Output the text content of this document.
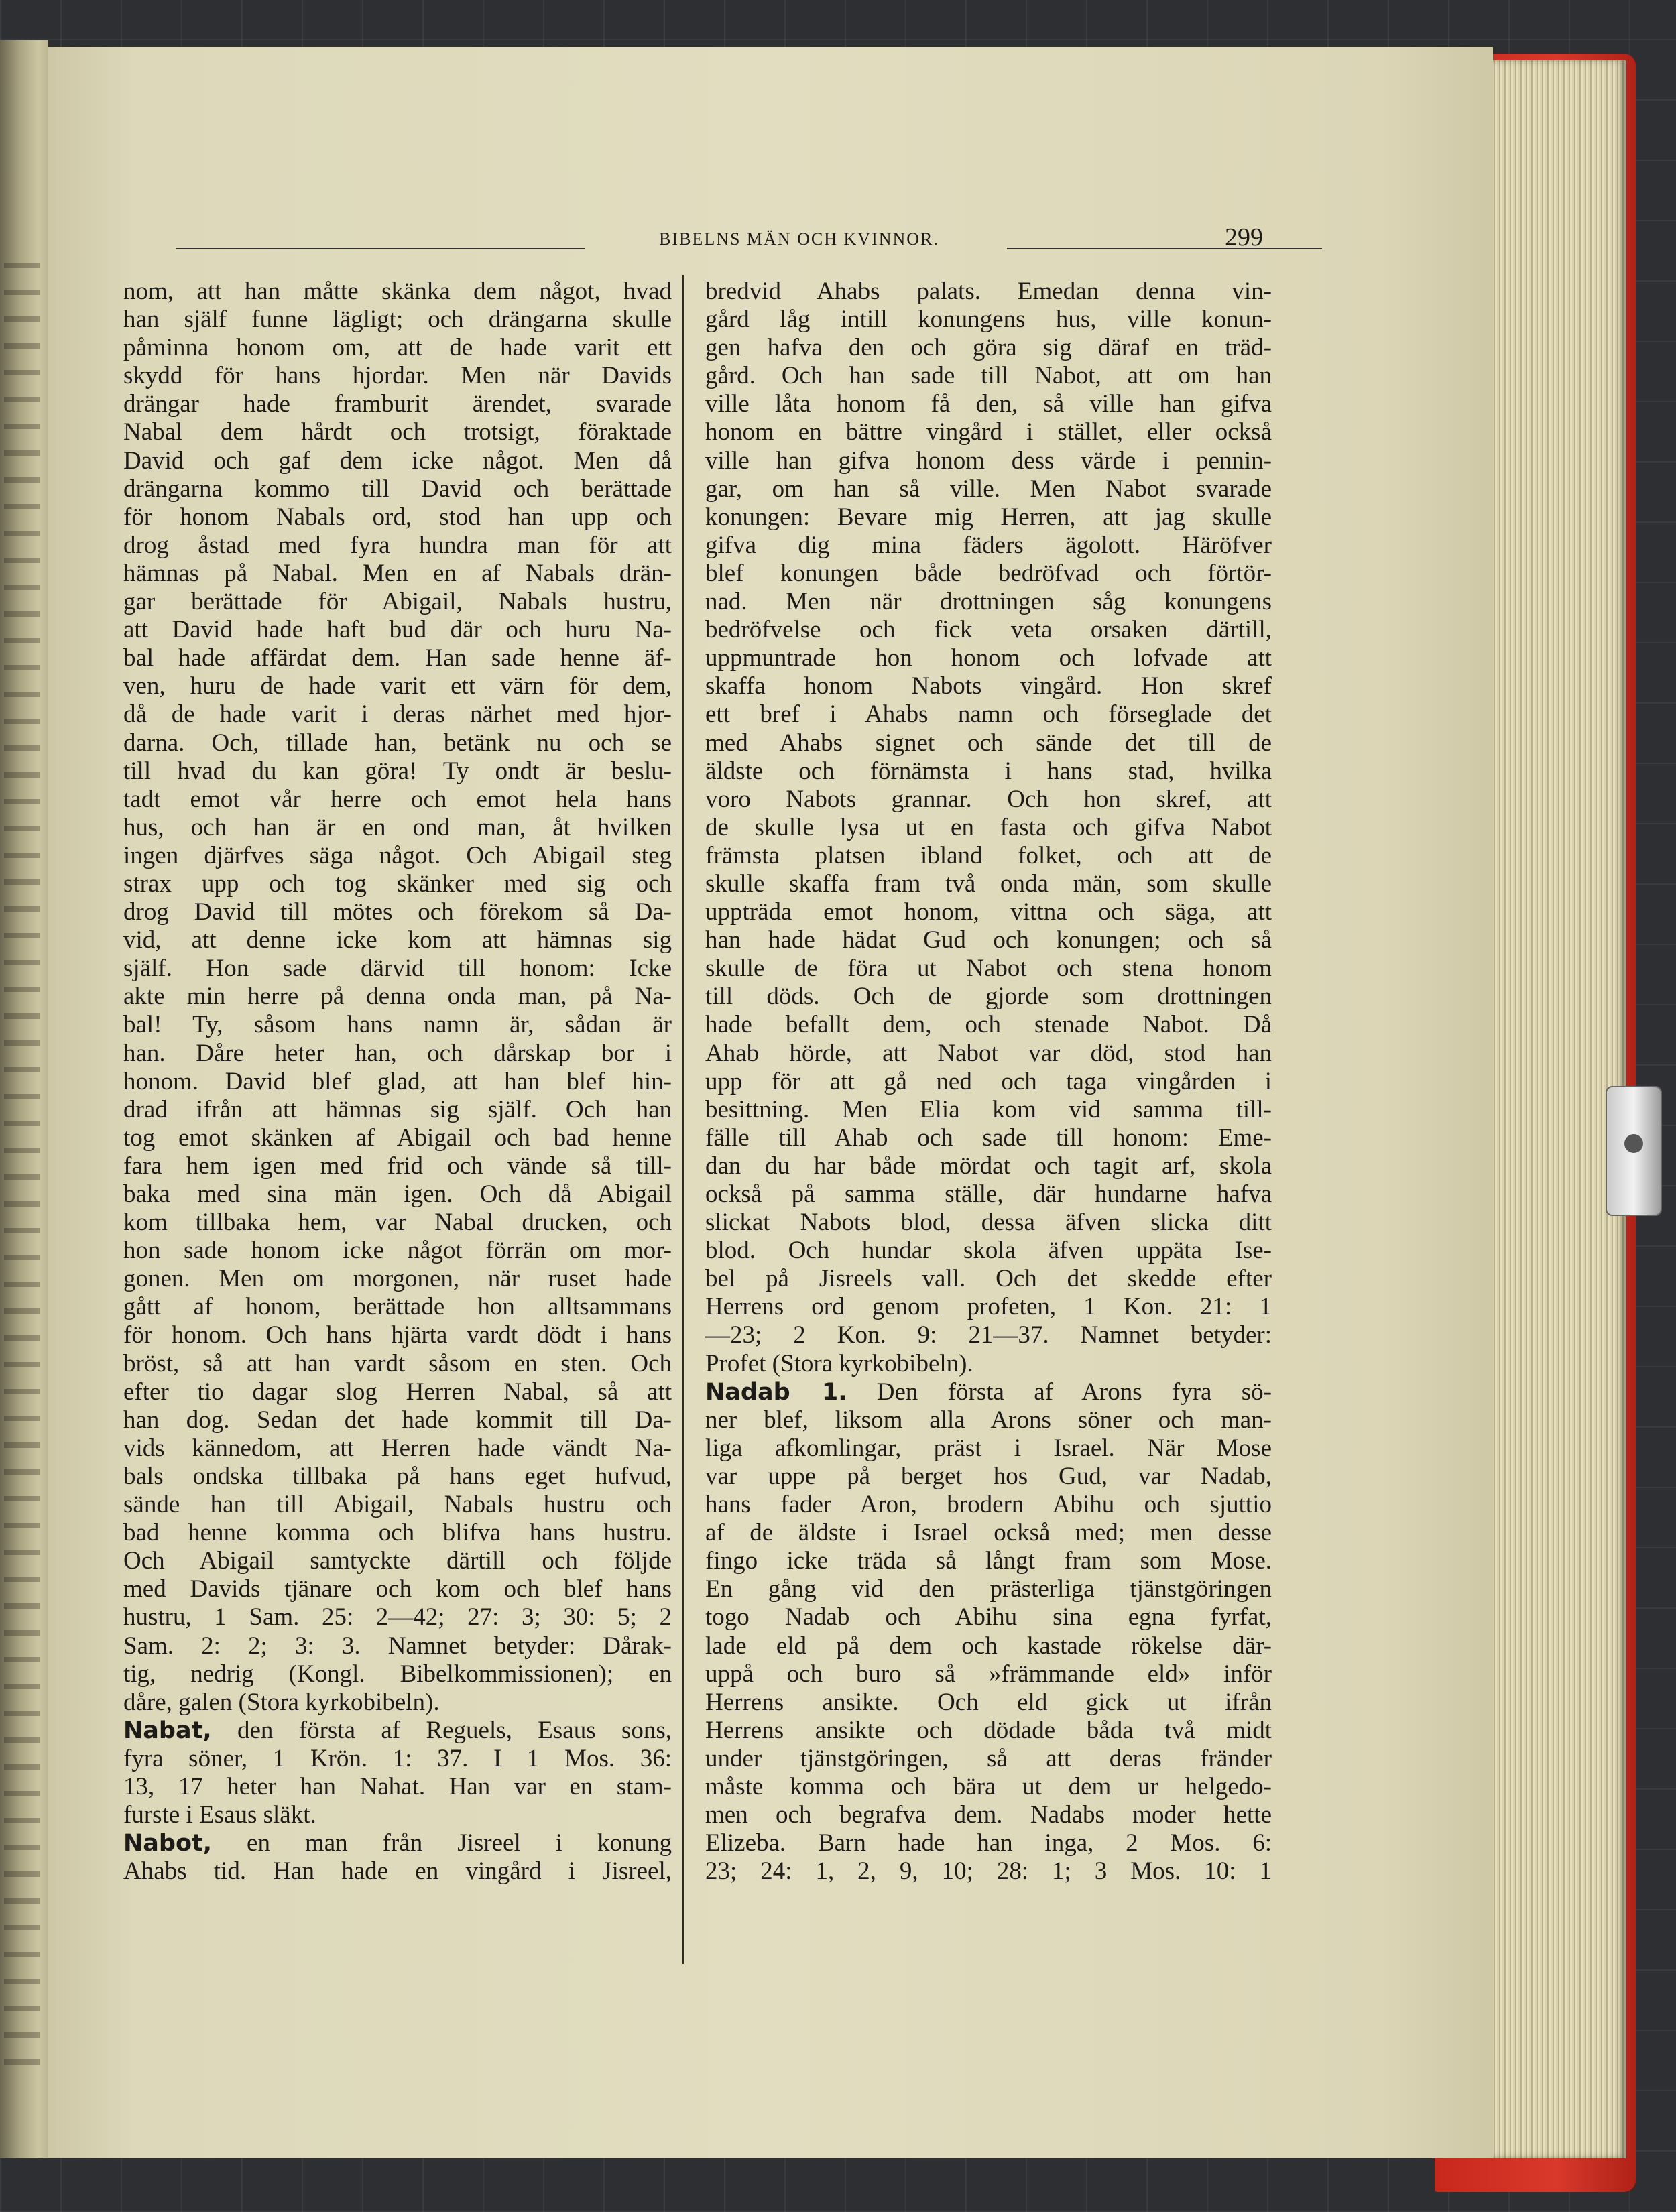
BIBELNS MÄN OCH KVINNOR.	299
nom, att han måtte skänka dem något, hvad
han själf funne lägligt; och drängarna skulle
påminna honom om, att de hade varit ett
skydd för hans hjordar. Men när Davids
drängar hade framburit ärendet, svarade
Nabal dem hårdt och trotsigt, föraktade
David och gaf dem icke något. Men då
drängarna kommo till David och berättade
för honom Nabals ord, stod han upp och
drog åstad med fyra hundra man för att
hämnas på Nabal. Men en af Nabals drän-
gar berättade för Abigail, Nabals hustru,
att David hade haft bud där och huru Na-
bal hade affärdat dem. Han sade henne äf-
ven, huru de hade varit ett värn för dem,
då de hade varit i deras närhet med hjor-
darna. Och, tillade han, betänk nu och se
till hvad du kan göra! Ty ondt är beslu-
tadt emot vår herre och emot hela hans
hus, och han är en ond man, åt hvilken
ingen djärfves säga något. Och Abigail steg
strax upp och tog skänker med sig och
drog David till mötes och förekom så Da-
vid, att denne icke kom att hämnas sig
själf. Hon sade därvid till honom: Icke
akte min herre på denna onda man, på Na-
bal! Ty, såsom hans namn är, sådan är
han. Dåre heter han, och dårskap bor i
honom. David blef glad, att han blef hin-
drad ifrån att hämnas sig själf. Och han
tog emot skänken af Abigail och bad henne
fara hem igen med frid och vände så till-
baka med sina män igen. Och då Abigail
kom tillbaka hem, var Nabal drucken, och
hon sade honom icke något förrän om mor-
gonen. Men om morgonen, när ruset hade
gått af honom, berättade hon alltsammans
för honom. Och hans hjärta vardt dödt i hans
bröst, så att han vardt såsom en sten. Och
efter tio dagar slog Herren Nabal, så att
han dog. Sedan det hade kommit till Da-
vids kännedom, att Herren hade vändt Na-
bals ondska tillbaka på hans eget hufvud,
sände han till Abigail, Nabals hustru och
bad henne komma och blifva hans hustru.
Och Abigail samtyckte därtill och följde
med Davids tjänare och kom och blef hans
hustru, 1 Sam. 25: 2—42; 27: 3; 30: 5; 2
Sam. 2: 2; 3: 3. Namnet betyder: Dårak-
tig, nedrig (Kongl. Bibelkommissionen); en
dåre, galen (Stora kyrkobibeln).
Nabat, den första af Reguels, Esaus sons,
fyra söner, 1 Krön. 1: 37. I 1 Mos. 36:
13, 17 heter han Nahat. Han var en stam-
furste i Esaus släkt.
Nabot, en man från Jisreel i konung
Ahabs tid. Han hade en vingård i Jisreel,
bredvid Ahabs palats. Emedan denna vin-
gård låg intill konungens hus, ville konun-
gen hafva den och göra sig däraf en träd-
gård. Och han sade till Nabot, att om han
ville låta honom få den, så ville han gifva
honom en bättre vingård i stället, eller också
ville han gifva honom dess värde i pennin-
gar, om han så ville. Men Nabot svarade
konungen: Bevare mig Herren, att jag skulle
gifva dig mina fäders ägolott. Häröfver
blef konungen både bedröfvad och förtör-
nad. Men när drottningen såg konungens
bedröfvelse och fick veta orsaken därtill,
uppmuntrade hon honom och lofvade att
skaffa honom Nabots vingård. Hon skref
ett bref i Ahabs namn och förseglade det
med Ahabs signet och sände det till de
äldste och förnämsta i hans stad, hvilka
voro Nabots grannar. Och hon skref, att
de skulle lysa ut en fasta och gifva Nabot
främsta platsen ibland folket, och att de
skulle skaffa fram två onda män, som skulle
uppträda emot honom, vittna och säga, att
han hade hädat Gud och konungen; och så
skulle de föra ut Nabot och stena honom
till döds. Och de gjorde som drottningen
hade befallt dem, och stenade Nabot. Då
Ahab hörde, att Nabot var död, stod han
upp för att gå ned och taga vingården i
besittning. Men Elia kom vid samma till-
fälle till Ahab och sade till honom: Eme-
dan du har både mördat och tagit arf, skola
också på samma ställe, där hundarne hafva
slickat Nabots blod, dessa äfven slicka ditt
blod. Och hundar skola äfven uppäta Ise-
bel på Jisreels vall. Och det skedde efter
Herrens ord genom profeten, 1 Kon. 21: 1
—23; 2 Kon. 9: 21—37. Namnet betyder:
Profet (Stora kyrkobibeln).
Nadab 1. Den första af Arons fyra sö-
ner blef, liksom alla Arons söner och man-
liga afkomlingar, präst i Israel. När Mose
var uppe på berget hos Gud, var Nadab,
hans fader Aron, brodern Abihu och sjuttio
af de äldste i Israel också med; men desse
fingo icke träda så långt fram som Mose.
En gång vid den prästerliga tjänstgöringen
togo Nadab och Abihu sina egna fyrfat,
lade eld på dem och kastade rökelse där-
uppå och buro så »främmande eld» inför
Herrens ansikte. Och eld gick ut ifrån
Herrens ansikte och dödade båda två midt
under tjänstgöringen, så att deras fränder
måste komma och bära ut dem ur helgedo-
men och begrafva dem. Nadabs moder hette
Elizeba. Barn hade han inga, 2 Mos. 6:
23; 24: 1, 2, 9, 10; 28: 1; 3 Mos. 10: 1
